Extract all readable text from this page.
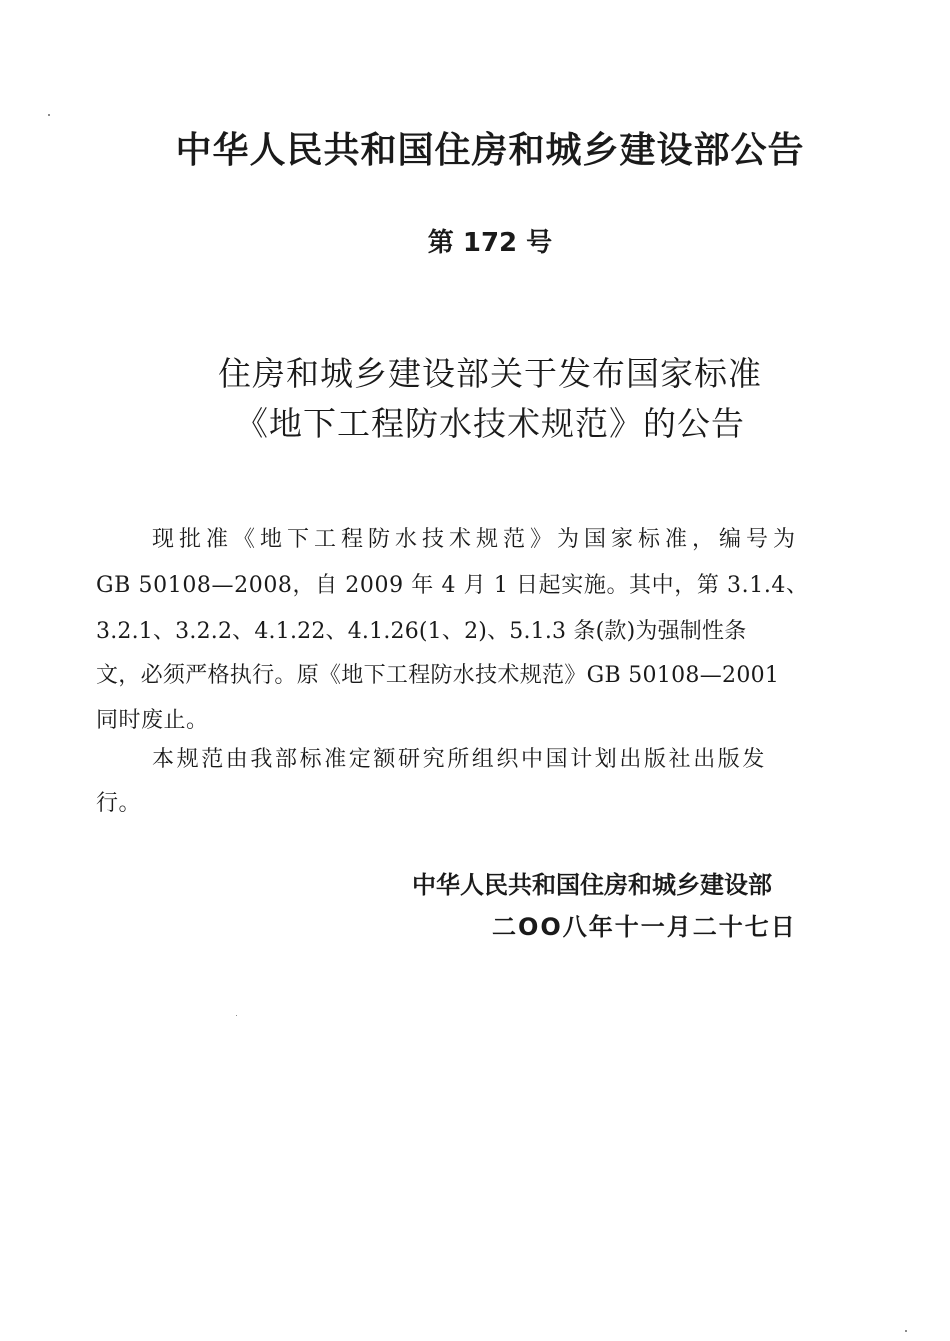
中华人民共和国住房和城乡建设部公告
第 172 号
住房和城乡建设部关于发布国家标准
《地下工程防水技术规范》的公告
现批准《地下工程防水技术规范》为国家标准，编号为
GB 50108—2008，自 2009 年 4 月 1 日起实施。其中，第 3.1.4、
3.2.1、3.2.2、4.1.22、4.1.26(1、2)、5.1.3 条(款)为强制性条
文，必须严格执行。原《地下工程防水技术规范》GB 50108—2001
同时废止。
本规范由我部标准定额研究所组织中国计划出版社出版发
行。
中华人民共和国住房和城乡建设部
二OO八年十一月二十七日
